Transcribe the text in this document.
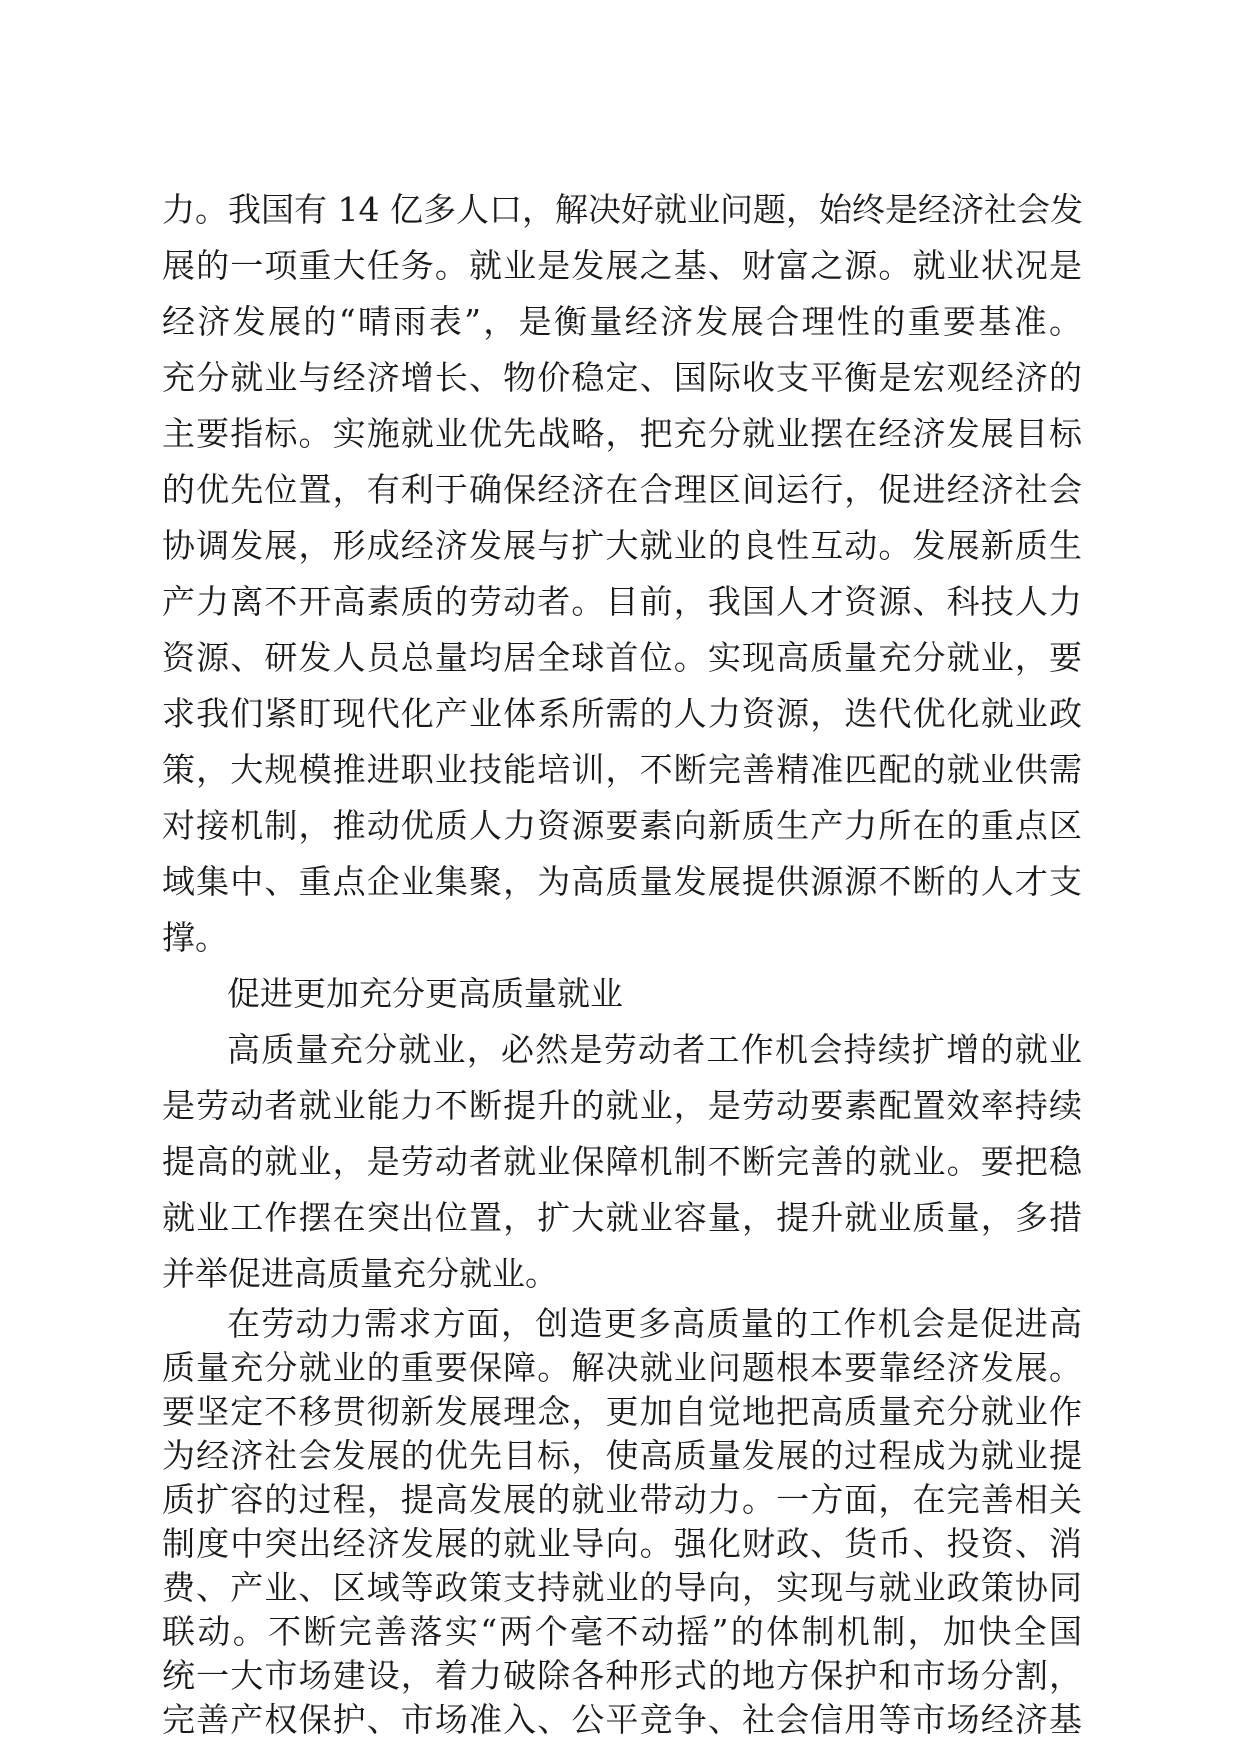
力。我国有 14 亿多人口，解决好就业问题，始终是经济社会发
展的一项重大任务。就业是发展之基、财富之源。就业状况是
经济发展的“晴雨表”，是衡量经济发展合理性的重要基准。
充分就业与经济增长、物价稳定、国际收支平衡是宏观经济的
主要指标。实施就业优先战略，把充分就业摆在经济发展目标
的优先位置，有利于确保经济在合理区间运行，促进经济社会
协调发展，形成经济发展与扩大就业的良性互动。发展新质生
产力离不开高素质的劳动者。目前，我国人才资源、科技人力
资源、研发人员总量均居全球首位。实现高质量充分就业，要
求我们紧盯现代化产业体系所需的人力资源，迭代优化就业政
策，大规模推进职业技能培训，不断完善精准匹配的就业供需
对接机制，推动优质人力资源要素向新质生产力所在的重点区
域集中、重点企业集聚，为高质量发展提供源源不断的人才支
撑。
促进更加充分更高质量就业
高质量充分就业，必然是劳动者工作机会持续扩增的就业
是劳动者就业能力不断提升的就业，是劳动要素配置效率持续
提高的就业，是劳动者就业保障机制不断完善的就业。要把稳
就业工作摆在突出位置，扩大就业容量，提升就业质量，多措
并举促进高质量充分就业。
在劳动力需求方面，创造更多高质量的工作机会是促进高
质量充分就业的重要保障。解决就业问题根本要靠经济发展。
要坚定不移贯彻新发展理念，更加自觉地把高质量充分就业作
为经济社会发展的优先目标，使高质量发展的过程成为就业提
质扩容的过程，提高发展的就业带动力。一方面，在完善相关
制度中突出经济发展的就业导向。强化财政、货币、投资、消
费、产业、区域等政策支持就业的导向，实现与就业政策协同
联动。不断完善落实“两个毫不动摇”的体制机制，加快全国
统一大市场建设，着力破除各种形式的地方保护和市场分割，
完善产权保护、市场准入、公平竞争、社会信用等市场经济基
